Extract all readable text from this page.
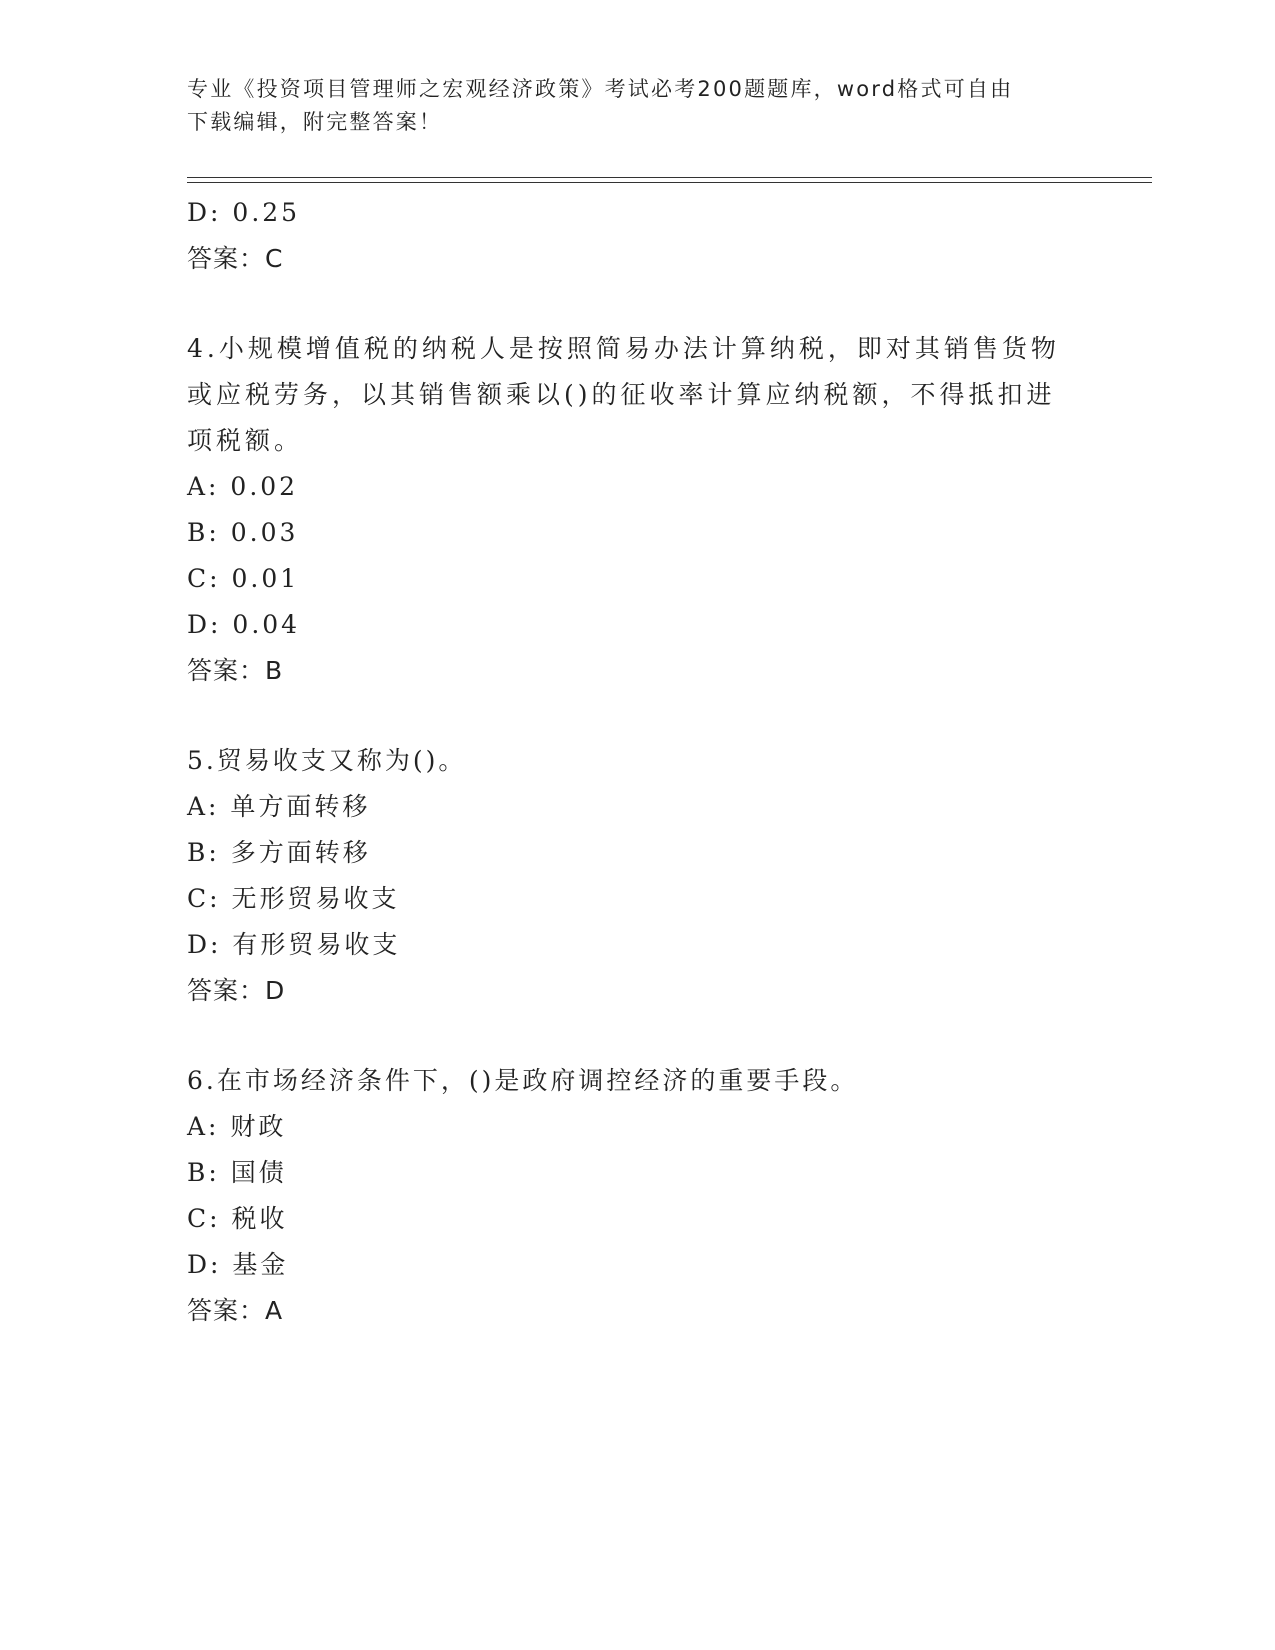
专业《投资项目管理师之宏观经济政策》考试必考200题题库，word格式可自由
下载编辑，附完整答案！
D: 0.25
答案：C
4.小规模增值税的纳税人是按照简易办法计算纳税，即对其销售货物
或应税劳务，以其销售额乘以()的征收率计算应纳税额，不得抵扣进
项税额。
A: 0.02
B: 0.03
C: 0.01
D: 0.04
答案：B
5.贸易收支又称为()。
A: 单方面转移
B: 多方面转移
C: 无形贸易收支
D: 有形贸易收支
答案：D
6.在市场经济条件下，()是政府调控经济的重要手段。
A: 财政
B: 国债
C: 税收
D: 基金
答案：A
